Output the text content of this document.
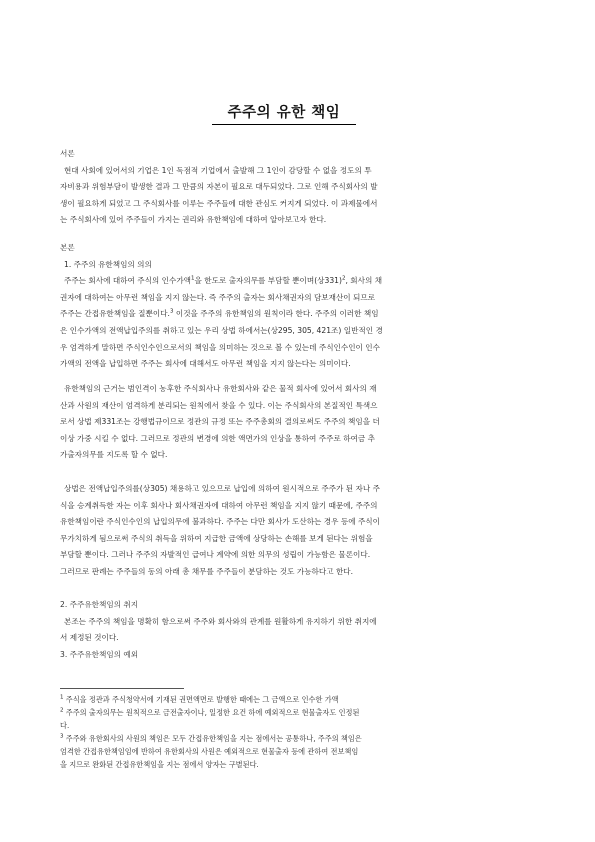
주주의 유한 책임
서론
현대 사회에 있어서의 기업은 1인 독점적 기업에서 출발해 그 1인이 감당할 수 없을 정도의 투
자비용과 위험부담이 발생한 결과 그 만큼의 자본이 필요로 대두되었다. 그로 인해 주식회사의 발
생이 필요하게 되었고 그 주식회사를 이루는 주주들에 대한 관심도 커지게 되었다. 이 과제물에서
는 주식회사에 있어 주주들이 가지는 권리와 유한책임에 대하여 알아보고자 한다.
본론
1. 주주의 유한책임의 의의
주주는 회사에 대하여 주식의 인수가액$^1$을 한도로 출자의무를 부담할 뿐이며(상331)$^2$, 회사의 채
권자에 대하여는 아무런 책임을 지지 않는다. 즉 주주의 출자는 회사채권자의 담보재산이 되므로
주주는 간접유한책임을 질뿐이다.$^3$ 이것을 주주의 유한책임의 원칙이라 한다. 주주의 이러한 책임
은 인수가액의 전액납입주의를 취하고 있는 우리 상법 하에서는(상295, 305, 421조) 일반적인 경
우 엄격하게 말하면 주식인수인으로서의 책임을 의미하는 것으로 볼 수 있는데 주식인수인이 인수
가액의 전액을 납입하면 주주는 회사에 대해서도 아무런 책임을 지지 않는다는 의미이다.
유한책임의 근거는 범인격이 농후한 주식회사나 유한회사와 같은 물적 회사에 있어서 회사의 재
산과 사원의 재산이 엄격하게 분리되는 원칙에서 찾을 수 있다. 이는 주식회사의 본질적인 특색으
로서 상법 제331조는 강행법규이므로 정관의 규정 또는 주주총회의 결의로써도 주주의 책임을 더
이상 가중 시킬 수 없다. 그러므로 정관의 변경에 의한 액면가의 인상을 통하여 주주로 하여금 추
가출자의무를 지도록 할 수 없다.
상법은 전액납입주의를(상305) 채용하고 있으므로 납입에 의하여 원시적으로 주주가 된 자나 주
식을 승계취득한 자는 이후 회사나 회사채권자에 대하여 아무런 책임을 지지 않기 때문에, 주주의
유한책임이란 주식인수인의 납입의무에 불과하다. 주주는 다만 회사가 도산하는 경우 등에 주식이
무가치하게 됨으로써 주식의 취득을 위하여 지급한 금액에 상당하는 손해를 보게 된다는 위험을
부담할 뿐이다. 그러나 주주의 자발적인 급여나 계약에 의한 의무의 성립이 가능함은 물론이다.
그러므로 판례는 주주들의 동의 아래 총 채무를 주주들이 분담하는 것도 가능하다고 한다.
2. 주주유한책임의 취지
본조는 주주의 책임을 명확히 함으로써 주주와 회사와의 관계를 원활하게 유지하기 위한 취지에
서 제정된 것이다.
3. 주주유한책임의 예외
$^1$ 주식을 정관과 주식청약서에 기재된 권면액면로 발행한 때에는 그 금액으로 인수한 가액
$^2$ 주주의 출자의무는 원칙적으로 금전출자이나, 일정한 요건 하에 예외적으로 현물출자도 인정된
다.
$^3$ 주주와 유한회사의 사원의 책임은 모두 간접유한책임을 지는 점에서는 공통하나, 주주의 책임은
엄격한 간접유한책임임에 반하여 유한회사의 사원은 예외적으로 현물출자 등에 관하여 전보책임
을 지므로 완화된 간접유한책임을 지는 점에서 양자는 구별된다.
